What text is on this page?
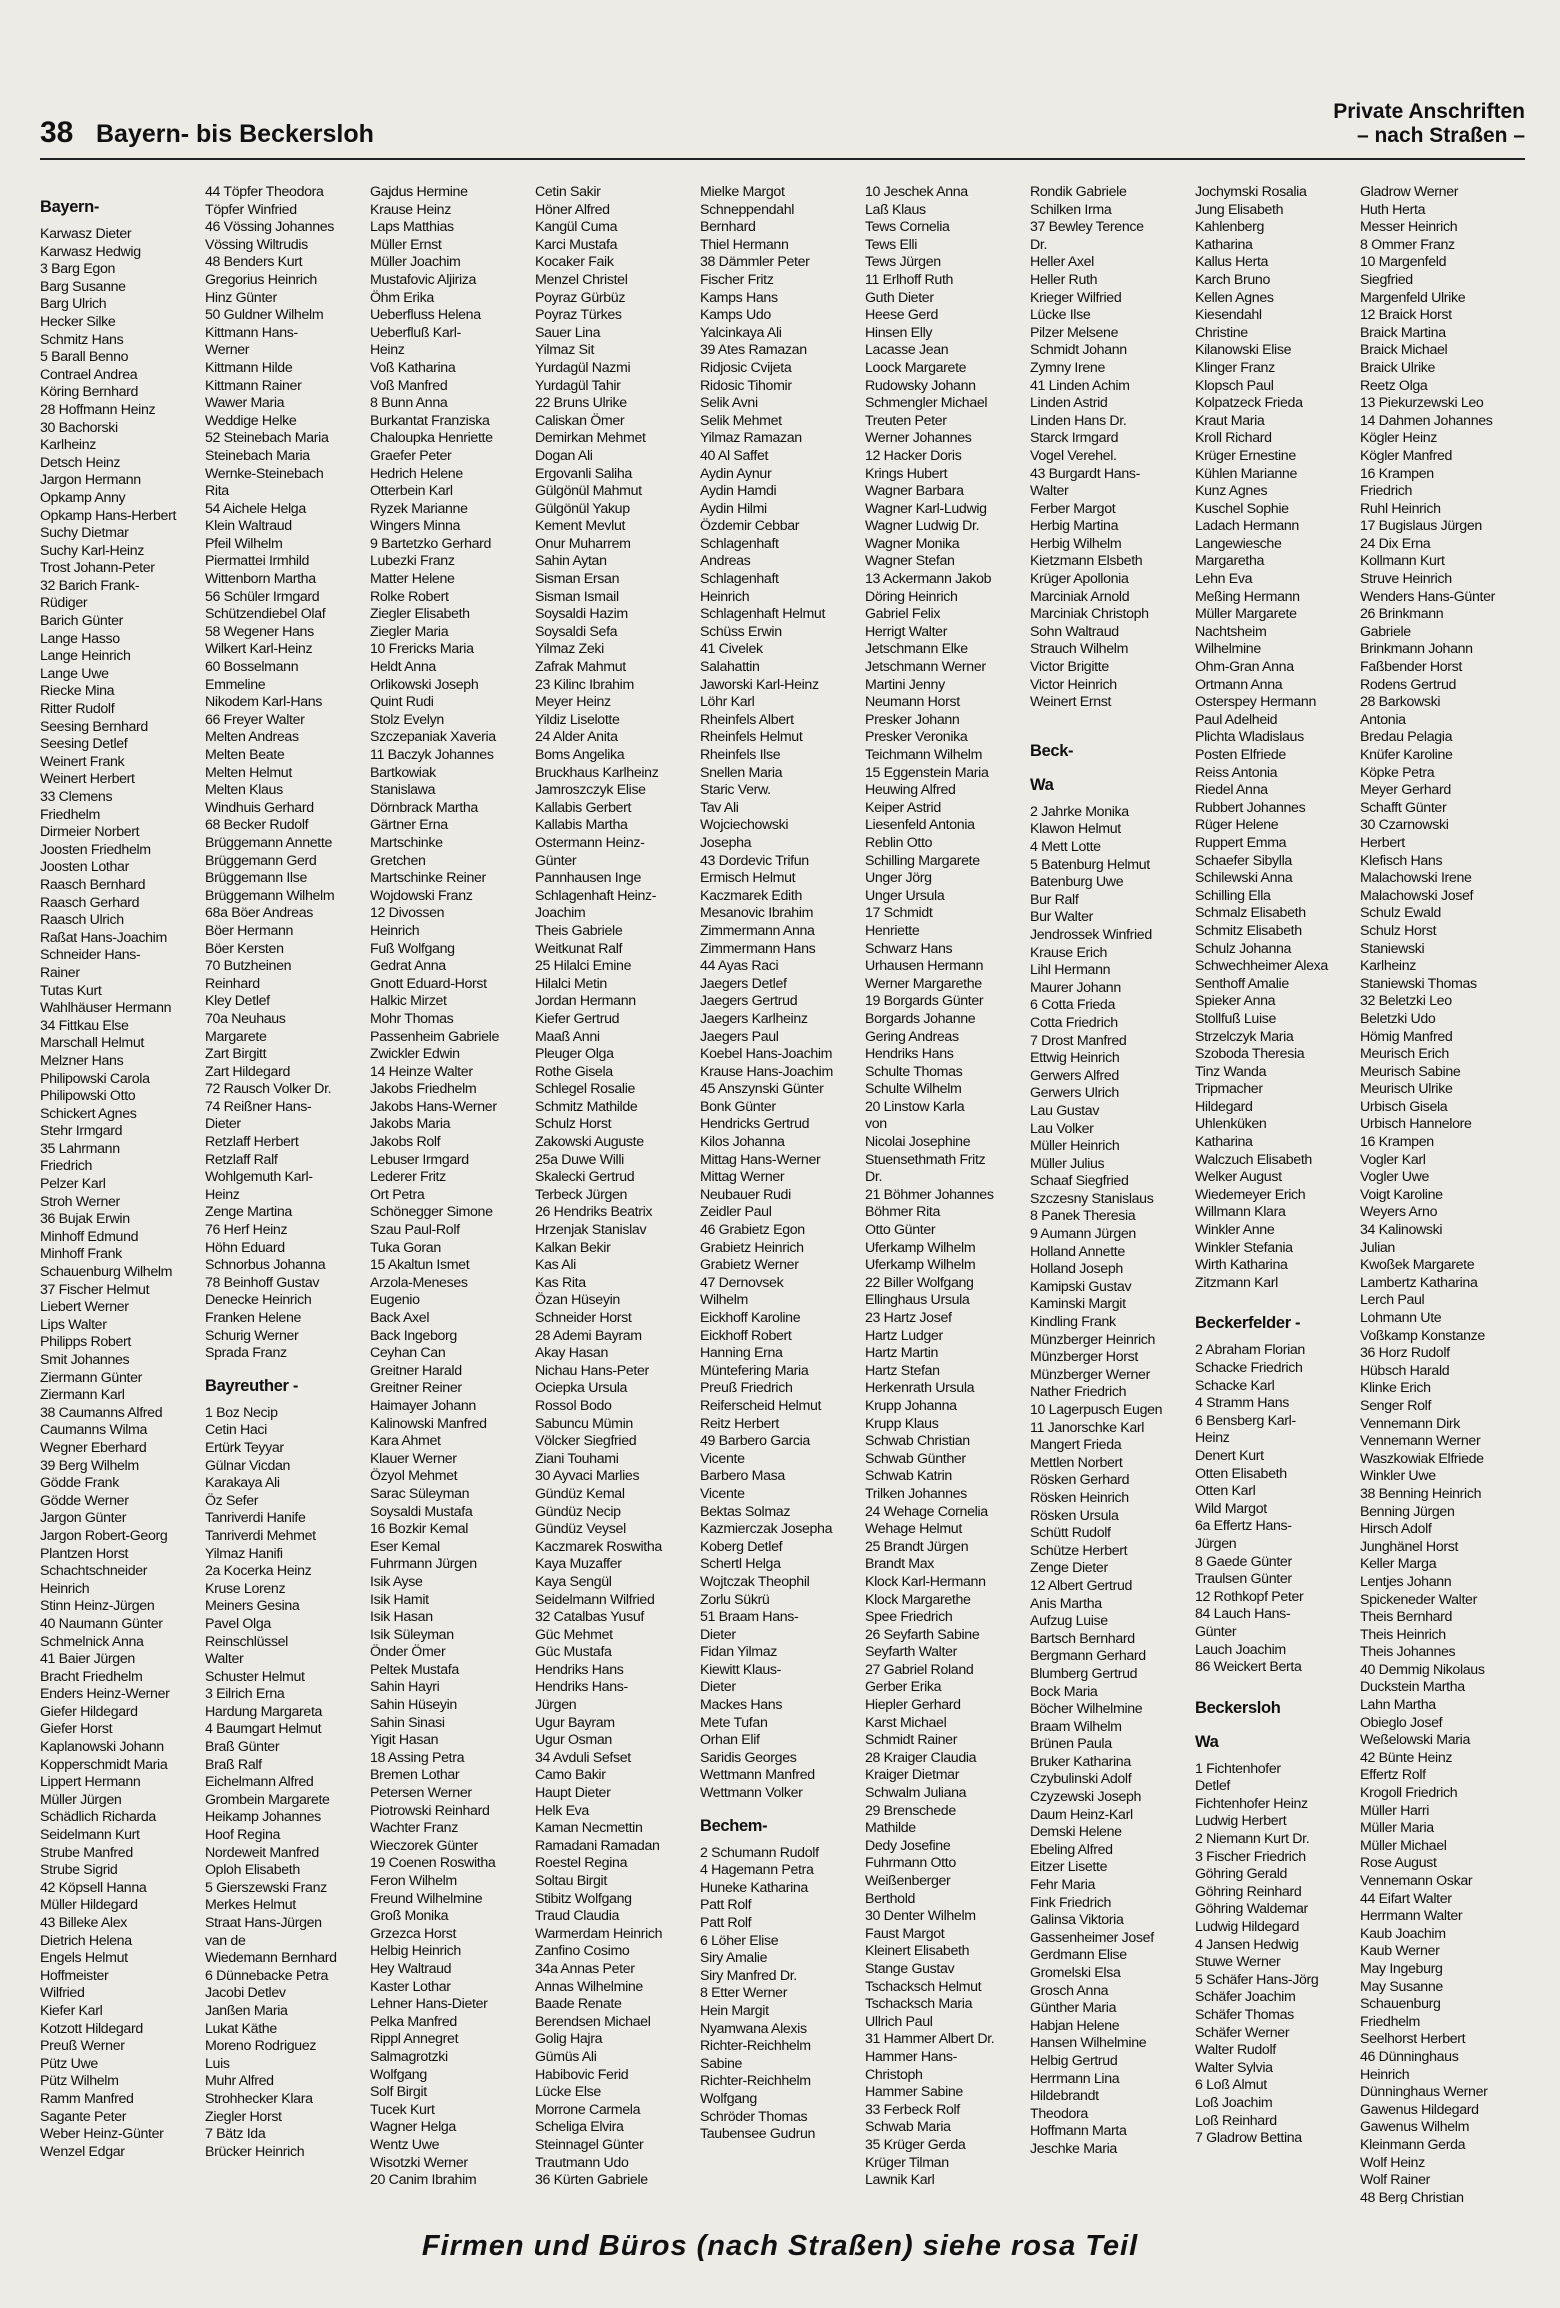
38 Bayern- bis Beckersloh
Private Anschriften
– nach Straßen –
Bayern-
Karwasz Dieter
Karwasz Hedwig
3 Barg Egon
Barg Susanne
Barg Ulrich
Hecker Silke
Schmitz Hans
5 Barall Benno
Contrael Andrea
Köring Bernhard
28 Hoffmann Heinz
30 Bachorski
Karlheinz
Detsch Heinz
Jargon Hermann
Opkamp Anny
Opkamp Hans-Herbert
Suchy Dietmar
Suchy Karl-Heinz
Trost Johann-Peter
32 Barich Frank-
Rüdiger
Barich Günter
Lange Hasso
Lange Heinrich
Lange Uwe
Riecke Mina
Ritter Rudolf
Seesing Bernhard
Seesing Detlef
Weinert Frank
Weinert Herbert
33 Clemens
Friedhelm
Dirmeier Norbert
Joosten Friedhelm
Joosten Lothar
Raasch Bernhard
Raasch Gerhard
Raasch Ulrich
Raßat Hans-Joachim
Schneider Hans-
Rainer
Tutas Kurt
Wahlhäuser Hermann
34 Fittkau Else
Marschall Helmut
Melzner Hans
Philipowski Carola
Philipowski Otto
Schickert Agnes
Stehr Irmgard
35 Lahrmann
Friedrich
Pelzer Karl
Stroh Werner
36 Bujak Erwin
Minhoff Edmund
Minhoff Frank
Schauenburg Wilhelm
37 Fischer Helmut
Liebert Werner
Lips Walter
Philipps Robert
Smit Johannes
Ziermann Günter
Ziermann Karl
38 Caumanns Alfred
Caumanns Wilma
Wegner Eberhard
39 Berg Wilhelm
Gödde Frank
Gödde Werner
Jargon Günter
Jargon Robert-Georg
Plantzen Horst
Schachtschneider
Heinrich
Stinn Heinz-Jürgen
40 Naumann Günter
Schmelnick Anna
41 Baier Jürgen
Bracht Friedhelm
Enders Heinz-Werner
Giefer Hildegard
Giefer Horst
Kaplanowski Johann
Kopperschmidt Maria
Lippert Hermann
Müller Jürgen
Schädlich Richarda
Seidelmann Kurt
Strube Manfred
Strube Sigrid
42 Köpsell Hanna
Müller Hildegard
43 Billeke Alex
Dietrich Helena
Engels Helmut
Hoffmeister
Wilfried
Kiefer Karl
Kotzott Hildegard
Preuß Werner
Pütz Uwe
Pütz Wilhelm
Ramm Manfred
Sagante Peter
Weber Heinz-Günter
Wenzel Edgar
44 Töpfer Theodora
Töpfer Winfried
46 Vössing Johannes
Vössing Wiltrudis
48 Benders Kurt
Gregorius Heinrich
Hinz Günter
50 Guldner Wilhelm
Kittmann Hans-
Werner
Kittmann Hilde
Kittmann Rainer
Wawer Maria
Weddige Helke
52 Steinebach Maria
Steinebach Maria
Wernke-Steinebach
Rita
54 Aichele Helga
Klein Waltraud
Pfeil Wilhelm
Piermattei Irmhild
Wittenborn Martha
56 Schüler Irmgard
Schützendiebel Olaf
58 Wegener Hans
Wilkert Karl-Heinz
60 Bosselmann
Emmeline
Nikodem Karl-Hans
66 Freyer Walter
Melten Andreas
Melten Beate
Melten Helmut
Melten Klaus
Windhuis Gerhard
68 Becker Rudolf
Brüggemann Annette
Brüggemann Gerd
Brüggemann Ilse
Brüggemann Wilhelm
68a Böer Andreas
Böer Hermann
Böer Kersten
70 Butzheinen
Reinhard
Kley Detlef
70a Neuhaus
Margarete
Zart Birgitt
Zart Hildegard
72 Rausch Volker Dr.
74 Reißner Hans-
Dieter
Retzlaff Herbert
Retzlaff Ralf
Wohlgemuth Karl-
Heinz
Zenge Martina
76 Herf Heinz
Höhn Eduard
Schnorbus Johanna
78 Beinhoff Gustav
Denecke Heinrich
Franken Helene
Schurig Werner
Sprada Franz
Bayreuther -
1 Boz Necip
Cetin Haci
Ertürk Teyyar
Gülnar Vicdan
Karakaya Ali
Öz Sefer
Tanriverdi Hanife
Tanriverdi Mehmet
Yilmaz Hanifi
2a Kocerka Heinz
Kruse Lorenz
Meiners Gesina
Pavel Olga
Reinschlüssel
Walter
Schuster Helmut
3 Eilrich Erna
Hardung Margareta
4 Baumgart Helmut
Braß Günter
Braß Ralf
Eichelmann Alfred
Grombein Margarete
Heikamp Johannes
Hoof Regina
Nordeweit Manfred
Oploh Elisabeth
5 Gierszewski Franz
Merkes Helmut
Straat Hans-Jürgen
van de
Wiedemann Bernhard
6 Dünnebacke Petra
Jacobi Detlev
Janßen Maria
Lukat Käthe
Moreno Rodriguez
Luis
Muhr Alfred
Strohhecker Klara
Ziegler Horst
7 Bätz Ida
Brücker Heinrich
Gajdus Hermine
Krause Heinz
Laps Matthias
Müller Ernst
Müller Joachim
Mustafovic Aljiriza
Öhm Erika
Ueberfluss Helena
Ueberfluß Karl-
Heinz
Voß Katharina
Voß Manfred
8 Bunn Anna
Burkantat Franziska
Chaloupka Henriette
Graefer Peter
Hedrich Helene
Otterbein Karl
Ryzek Marianne
Wingers Minna
9 Bartetzko Gerhard
Lubezki Franz
Matter Helene
Rolke Robert
Ziegler Elisabeth
Ziegler Maria
10 Frericks Maria
Heldt Anna
Orlikowski Joseph
Quint Rudi
Stolz Evelyn
Szczepaniak Xaveria
11 Baczyk Johannes
Bartkowiak
Stanislawa
Dörnbrack Martha
Gärtner Erna
Martschinke
Gretchen
Martschinke Reiner
Wojdowski Franz
12 Divossen
Heinrich
Fuß Wolfgang
Gedrat Anna
Gnott Eduard-Horst
Halkic Mirzet
Mohr Thomas
Passenheim Gabriele
Zwickler Edwin
14 Heinze Walter
Jakobs Friedhelm
Jakobs Hans-Werner
Jakobs Maria
Jakobs Rolf
Lebuser Irmgard
Lederer Fritz
Ort Petra
Schönegger Simone
Szau Paul-Rolf
Tuka Goran
15 Akaltun Ismet
Arzola-Meneses
Eugenio
Back Axel
Back Ingeborg
Ceyhan Can
Greitner Harald
Greitner Reiner
Haimayer Johann
Kalinowski Manfred
Kara Ahmet
Klauer Werner
Özyol Mehmet
Sarac Süleyman
Soysaldi Mustafa
16 Bozkir Kemal
Eser Kemal
Fuhrmann Jürgen
Isik Ayse
Isik Hamit
Isik Hasan
Isik Süleyman
Önder Ömer
Peltek Mustafa
Sahin Hayri
Sahin Hüseyin
Sahin Sinasi
Yigit Hasan
18 Assing Petra
Bremen Lothar
Petersen Werner
Piotrowski Reinhard
Wachter Franz
Wieczorek Günter
19 Coenen Roswitha
Feron Wilhelm
Freund Wilhelmine
Groß Monika
Grzezca Horst
Helbig Heinrich
Hey Waltraud
Kaster Lothar
Lehner Hans-Dieter
Pelka Manfred
Rippl Annegret
Salmagrotzki
Wolfgang
Solf Birgit
Tucek Kurt
Wagner Helga
Wentz Uwe
Wisotzki Werner
20 Canim Ibrahim
Cetin Sakir
Höner Alfred
Kangül Cuma
Karci Mustafa
Kocaker Faik
Menzel Christel
Poyraz Gürbüz
Poyraz Türkes
Sauer Lina
Yilmaz Sit
Yurdagül Nazmi
Yurdagül Tahir
22 Bruns Ulrike
Caliskan Ömer
Demirkan Mehmet
Dogan Ali
Ergovanli Saliha
Gülgönül Mahmut
Gülgönül Yakup
Kement Mevlut
Onur Muharrem
Sahin Aytan
Sisman Ersan
Sisman Ismail
Soysaldi Hazim
Soysaldi Sefa
Yilmaz Zeki
Zafrak Mahmut
23 Kilinc Ibrahim
Meyer Heinz
Yildiz Liselotte
24 Alder Anita
Boms Angelika
Bruckhaus Karlheinz
Jamroszczyk Elise
Kallabis Gerbert
Kallabis Martha
Ostermann Heinz-
Günter
Pannhausen Inge
Schlagenhaft Heinz-
Joachim
Theis Gabriele
Weitkunat Ralf
25 Hilalci Emine
Hilalci Metin
Jordan Hermann
Kiefer Gertrud
Maaß Anni
Pleuger Olga
Rothe Gisela
Schlegel Rosalie
Schmitz Mathilde
Schulz Horst
Zakowski Auguste
25a Duwe Willi
Skalecki Gertrud
Terbeck Jürgen
26 Hendriks Beatrix
Hrzenjak Stanislav
Kalkan Bekir
Kas Ali
Kas Rita
Özan Hüseyin
Schneider Horst
28 Ademi Bayram
Akay Hasan
Nichau Hans-Peter
Ociepka Ursula
Rossol Bodo
Sabuncu Mümin
Völcker Siegfried
Ziani Touhami
30 Ayvaci Marlies
Gündüz Kemal
Gündüz Necip
Gündüz Veysel
Kaczmarek Roswitha
Kaya Muzaffer
Kaya Sengül
Seidelmann Wilfried
32 Catalbas Yusuf
Güc Mehmet
Güc Mustafa
Hendriks Hans
Hendriks Hans-
Jürgen
Ugur Bayram
Ugur Osman
34 Avduli Sefset
Camo Bakir
Haupt Dieter
Helk Eva
Kaman Necmettin
Ramadani Ramadan
Roestel Regina
Soltau Birgit
Stibitz Wolfgang
Traud Claudia
Warmerdam Heinrich
Zanfino Cosimo
34a Annas Peter
Annas Wilhelmine
Baade Renate
Berendsen Michael
Golig Hajra
Gümüs Ali
Habibovic Ferid
Lücke Else
Morrone Carmela
Scheliga Elvira
Steinnagel Günter
Trautmann Udo
36 Kürten Gabriele
Mielke Margot
Schneppendahl
Bernhard
Thiel Hermann
38 Dämmler Peter
Fischer Fritz
Kamps Hans
Kamps Udo
Yalcinkaya Ali
39 Ates Ramazan
Ridjosic Cvijeta
Ridosic Tihomir
Selik Avni
Selik Mehmet
Yilmaz Ramazan
40 Al Saffet
Aydin Aynur
Aydin Hamdi
Aydin Hilmi
Özdemir Cebbar
Schlagenhaft
Andreas
Schlagenhaft
Heinrich
Schlagenhaft Helmut
Schüss Erwin
41 Civelek
Salahattin
Jaworski Karl-Heinz
Löhr Karl
Rheinfels Albert
Rheinfels Helmut
Rheinfels Ilse
Snellen Maria
Staric Verw.
Tav Ali
Wojciechowski
Josepha
43 Dordevic Trifun
Ermisch Helmut
Kaczmarek Edith
Mesanovic Ibrahim
Zimmermann Anna
Zimmermann Hans
44 Ayas Raci
Jaegers Detlef
Jaegers Gertrud
Jaegers Karlheinz
Jaegers Paul
Koebel Hans-Joachim
Krause Hans-Joachim
45 Anszynski Günter
Bonk Günter
Hendricks Gertrud
Kilos Johanna
Mittag Hans-Werner
Mittag Werner
Neubauer Rudi
Zeidler Paul
46 Grabietz Egon
Grabietz Heinrich
Grabietz Werner
47 Dernovsek
Wilhelm
Eickhoff Karoline
Eickhoff Robert
Hanning Erna
Müntefering Maria
Preuß Friedrich
Reiferscheid Helmut
Reitz Herbert
49 Barbero Garcia
Vicente
Barbero Masa
Vicente
Bektas Solmaz
Kazmierczak Josepha
Koberg Detlef
Schertl Helga
Wojtczak Theophil
Zorlu Sükrü
51 Braam Hans-
Dieter
Fidan Yilmaz
Kiewitt Klaus-
Dieter
Mackes Hans
Mete Tufan
Orhan Elif
Saridis Georges
Wettmann Manfred
Wettmann Volker
Bechem-
2 Schumann Rudolf
4 Hagemann Petra
Huneke Katharina
Patt Rolf
Patt Rolf
6 Löher Elise
Siry Amalie
Siry Manfred Dr.
8 Etter Werner
Hein Margit
Nyamwana Alexis
Richter-Reichhelm
Sabine
Richter-Reichhelm
Wolfgang
Schröder Thomas
Taubensee Gudrun
10 Jeschek Anna
Laß Klaus
Tews Cornelia
Tews Elli
Tews Jürgen
11 Erlhoff Ruth
Guth Dieter
Heese Gerd
Hinsen Elly
Lacasse Jean
Loock Margarete
Rudowsky Johann
Schmengler Michael
Treuten Peter
Werner Johannes
12 Hacker Doris
Krings Hubert
Wagner Barbara
Wagner Karl-Ludwig
Wagner Ludwig Dr.
Wagner Monika
Wagner Stefan
13 Ackermann Jakob
Döring Heinrich
Gabriel Felix
Herrigt Walter
Jetschmann Elke
Jetschmann Werner
Martini Jenny
Neumann Horst
Presker Johann
Presker Veronika
Teichmann Wilhelm
15 Eggenstein Maria
Heuwing Alfred
Keiper Astrid
Liesenfeld Antonia
Reblin Otto
Schilling Margarete
Unger Jörg
Unger Ursula
17 Schmidt
Henriette
Schwarz Hans
Urhausen Hermann
Werner Margarethe
19 Borgards Günter
Borgards Johanne
Gering Andreas
Hendriks Hans
Schulte Thomas
Schulte Wilhelm
20 Linstow Karla
von
Nicolai Josephine
Stuensethmath Fritz
Dr.
21 Böhmer Johannes
Böhmer Rita
Otto Günter
Uferkamp Wilhelm
Uferkamp Wilhelm
22 Biller Wolfgang
Ellinghaus Ursula
23 Hartz Josef
Hartz Ludger
Hartz Martin
Hartz Stefan
Herkenrath Ursula
Krupp Johanna
Krupp Klaus
Schwab Christian
Schwab Günther
Schwab Katrin
Trilken Johannes
24 Wehage Cornelia
Wehage Helmut
25 Brandt Jürgen
Brandt Max
Klock Karl-Hermann
Klock Margarethe
Spee Friedrich
26 Seyfarth Sabine
Seyfarth Walter
27 Gabriel Roland
Gerber Erika
Hiepler Gerhard
Karst Michael
Schmidt Rainer
28 Kraiger Claudia
Kraiger Dietmar
Schwalm Juliana
29 Brenschede
Mathilde
Dedy Josefine
Fuhrmann Otto
Weißenberger
Berthold
30 Denter Wilhelm
Faust Margot
Kleinert Elisabeth
Stange Gustav
Tschacksch Helmut
Tschacksch Maria
Ullrich Paul
31 Hammer Albert Dr.
Hammer Hans-
Christoph
Hammer Sabine
33 Ferbeck Rolf
Schwab Maria
35 Krüger Gerda
Krüger Tilman
Lawnik Karl
Rondik Gabriele
Schilken Irma
37 Bewley Terence
Dr.
Heller Axel
Heller Ruth
Krieger Wilfried
Lücke Ilse
Pilzer Melsene
Schmidt Johann
Zymny Irene
41 Linden Achim
Linden Astrid
Linden Hans Dr.
Starck Irmgard
Vogel Verehel.
43 Burgardt Hans-
Walter
Ferber Margot
Herbig Martina
Herbig Wilhelm
Kietzmann Elsbeth
Krüger Apollonia
Marciniak Arnold
Marciniak Christoph
Sohn Waltraud
Strauch Wilhelm
Victor Brigitte
Victor Heinrich
Weinert Ernst
Beck-
Wa
2 Jahrke Monika
Klawon Helmut
4 Mett Lotte
5 Batenburg Helmut
Batenburg Uwe
Bur Ralf
Bur Walter
Jendrossek Winfried
Krause Erich
Lihl Hermann
Maurer Johann
6 Cotta Frieda
Cotta Friedrich
7 Drost Manfred
Ettwig Heinrich
Gerwers Alfred
Gerwers Ulrich
Lau Gustav
Lau Volker
Müller Heinrich
Müller Julius
Schaaf Siegfried
Szczesny Stanislaus
8 Panek Theresia
9 Aumann Jürgen
Holland Annette
Holland Joseph
Kamipski Gustav
Kaminski Margit
Kindling Frank
Münzberger Heinrich
Münzberger Horst
Münzberger Werner
Nather Friedrich
10 Lagerpusch Eugen
11 Janorschke Karl
Mangert Frieda
Mettlen Norbert
Rösken Gerhard
Rösken Heinrich
Rösken Ursula
Schütt Rudolf
Schütze Herbert
Zenge Dieter
12 Albert Gertrud
Anis Martha
Aufzug Luise
Bartsch Bernhard
Bergmann Gerhard
Blumberg Gertrud
Bock Maria
Böcher Wilhelmine
Braam Wilhelm
Brünen Paula
Bruker Katharina
Czybulinski Adolf
Czyzewski Joseph
Daum Heinz-Karl
Demski Helene
Ebeling Alfred
Eitzer Lisette
Fehr Maria
Fink Friedrich
Galinsa Viktoria
Gassenheimer Josef
Gerdmann Elise
Gromelski Elsa
Grosch Anna
Günther Maria
Habjan Helene
Hansen Wilhelmine
Helbig Gertrud
Herrmann Lina
Hildebrandt
Theodora
Hoffmann Marta
Jeschke Maria
Jochymski Rosalia
Jung Elisabeth
Kahlenberg
Katharina
Kallus Herta
Karch Bruno
Kellen Agnes
Kiesendahl
Christine
Kilanowski Elise
Klinger Franz
Klopsch Paul
Kolpatzeck Frieda
Kraut Maria
Kroll Richard
Krüger Ernestine
Kühlen Marianne
Kunz Agnes
Kuschel Sophie
Ladach Hermann
Langewiesche
Margaretha
Lehn Eva
Meßing Hermann
Müller Margarete
Nachtsheim
Wilhelmine
Ohm-Gran Anna
Ortmann Anna
Osterspey Hermann
Paul Adelheid
Plichta Wladislaus
Posten Elfriede
Reiss Antonia
Riedel Anna
Rubbert Johannes
Rüger Helene
Ruppert Emma
Schaefer Sibylla
Schilewski Anna
Schilling Ella
Schmalz Elisabeth
Schmitz Elisabeth
Schulz Johanna
Schwechheimer Alexa
Senthoff Amalie
Spieker Anna
Stollfuß Luise
Strzelczyk Maria
Szoboda Theresia
Tinz Wanda
Tripmacher
Hildegard
Uhlenküken
Katharina
Walczuch Elisabeth
Welker August
Wiedemeyer Erich
Willmann Klara
Winkler Anne
Winkler Stefania
Wirth Katharina
Zitzmann Karl
Beckerfelder -
2 Abraham Florian
Schacke Friedrich
Schacke Karl
4 Stramm Hans
6 Bensberg Karl-
Heinz
Denert Kurt
Otten Elisabeth
Otten Karl
Wild Margot
6a Effertz Hans-
Jürgen
8 Gaede Günter
Traulsen Günter
12 Rothkopf Peter
84 Lauch Hans-
Günter
Lauch Joachim
86 Weickert Berta
Beckersloh
Wa
1 Fichtenhofer
Detlef
Fichtenhofer Heinz
Ludwig Herbert
2 Niemann Kurt Dr.
3 Fischer Friedrich
Göhring Gerald
Göhring Reinhard
Göhring Waldemar
Ludwig Hildegard
4 Jansen Hedwig
Stuwe Werner
5 Schäfer Hans-Jörg
Schäfer Joachim
Schäfer Thomas
Schäfer Werner
Walter Rudolf
Walter Sylvia
6 Loß Almut
Loß Joachim
Loß Reinhard
7 Gladrow Bettina
Gladrow Werner
Huth Herta
Messer Heinrich
8 Ommer Franz
10 Margenfeld
Siegfried
Margenfeld Ulrike
12 Braick Horst
Braick Martina
Braick Michael
Braick Ulrike
Reetz Olga
13 Piekurzewski Leo
14 Dahmen Johannes
Kögler Heinz
Kögler Manfred
16 Krampen
Friedrich
Ruhl Heinrich
17 Bugislaus Jürgen
24 Dix Erna
Kollmann Kurt
Struve Heinrich
Wenders Hans-Günter
26 Brinkmann
Gabriele
Brinkmann Johann
Faßbender Horst
Rodens Gertrud
28 Barkowski
Antonia
Bredau Pelagia
Knüfer Karoline
Köpke Petra
Meyer Gerhard
Schafft Günter
30 Czarnowski
Herbert
Klefisch Hans
Malachowski Irene
Malachowski Josef
Schulz Ewald
Schulz Horst
Staniewski
Karlheinz
Staniewski Thomas
32 Beletzki Leo
Beletzki Udo
Hömig Manfred
Meurisch Erich
Meurisch Sabine
Meurisch Ulrike
Urbisch Gisela
Urbisch Hannelore
16 Krampen
Vogler Karl
Vogler Uwe
Voigt Karoline
Weyers Arno
34 Kalinowski
Julian
Kwoßek Margarete
Lambertz Katharina
Lerch Paul
Lohmann Ute
Voßkamp Konstanze
36 Horz Rudolf
Hübsch Harald
Klinke Erich
Senger Rolf
Vennemann Dirk
Vennemann Werner
Waszkowiak Elfriede
Winkler Uwe
38 Benning Heinrich
Benning Jürgen
Hirsch Adolf
Junghänel Horst
Keller Marga
Lentjes Johann
Spickeneder Walter
Theis Bernhard
Theis Heinrich
Theis Johannes
40 Demmig Nikolaus
Duckstein Martha
Lahn Martha
Obieglo Josef
Weßelowski Maria
42 Bünte Heinz
Effertz Rolf
Krogoll Friedrich
Müller Harri
Müller Maria
Müller Michael
Rose August
Vennemann Oskar
44 Eifart Walter
Herrmann Walter
Kaub Joachim
Kaub Werner
May Ingeburg
May Susanne
Schauenburg
Friedhelm
Seelhorst Herbert
46 Dünninghaus
Heinrich
Dünninghaus Werner
Gawenus Hildegard
Gawenus Wilhelm
Kleinmann Gerda
Wolf Heinz
Wolf Rainer
48 Berg Christian
Firmen und Büros (nach Straßen) siehe rosa Teil
